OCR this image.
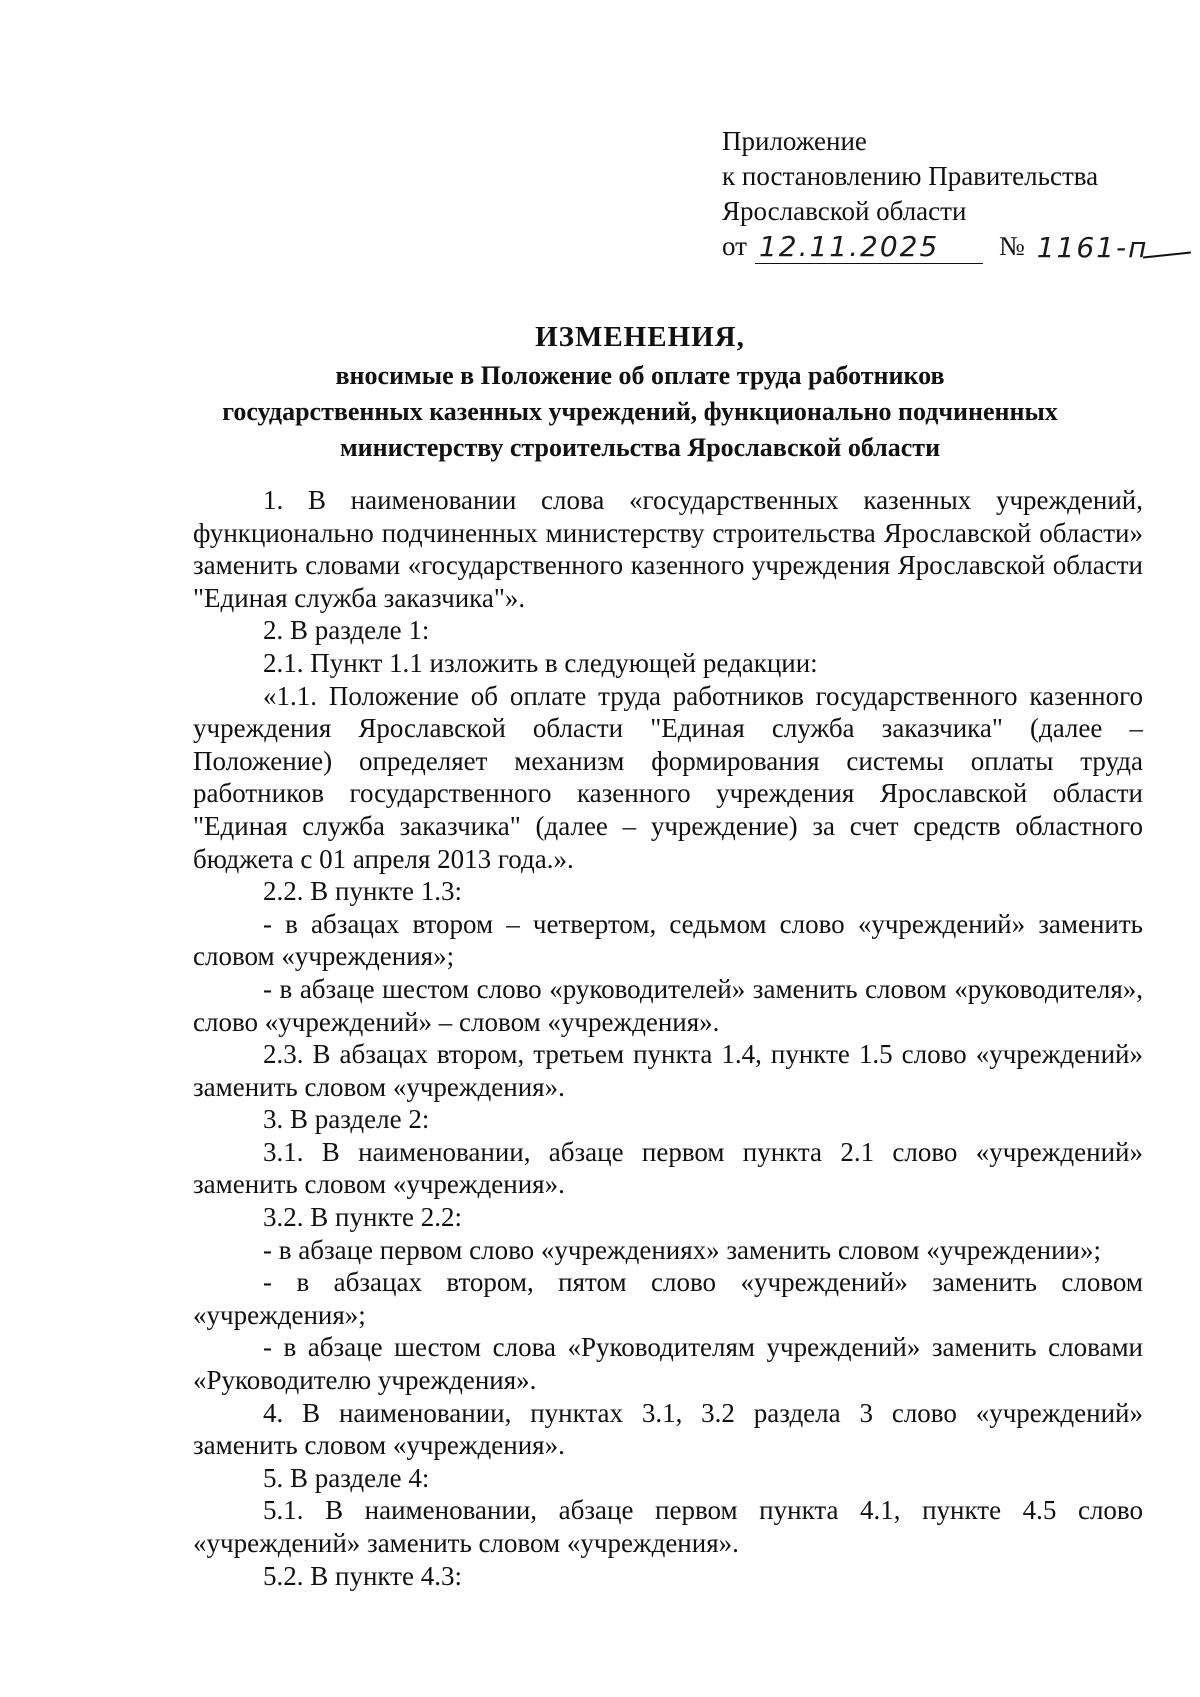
Приложение
к постановлению Правительства
Ярославской области
от 12.11.2025	№ 1161-п
ИЗМЕНЕНИЯ,
вносимые в Положение об оплате труда работников
государственных казенных учреждений, функционально подчиненных
министерству строительства Ярославской области

1. В наименовании слова «государственных казенных учреждений, функционально подчиненных министерству строительства Ярославской области» заменить словами «государственного казенного учреждения Ярославской области "Единая служба заказчика"».

2. В разделе 1:

2.1. Пункт 1.1 изложить в следующей редакции:

«1.1. Положение об оплате труда работников государственного казенного учреждения Ярославской области "Единая служба заказчика" (далее – Положение) определяет механизм формирования системы оплаты труда работников государственного казенного учреждения Ярославской области "Единая служба заказчика" (далее – учреждение) за счет средств областного бюджета с 01 апреля 2013 года.».

2.2. В пункте 1.3:

- в абзацах втором – четвертом, седьмом слово «учреждений» заменить словом «учреждения»;

- в абзаце шестом слово «руководителей» заменить словом «руководителя», слово «учреждений» – словом «учреждения».

2.3. В абзацах втором, третьем пункта 1.4, пункте 1.5 слово «учреждений» заменить словом «учреждения».

3. В разделе 2:

3.1. В наименовании, абзаце первом пункта 2.1 слово «учреждений» заменить словом «учреждения».

3.2. В пункте 2.2:

- в абзаце первом слово «учреждениях» заменить словом «учреждении»;

- в абзацах втором, пятом слово «учреждений» заменить словом «учреждения»;

- в абзаце шестом слова «Руководителям учреждений» заменить словами «Руководителю учреждения».

4. В наименовании, пунктах 3.1, 3.2 раздела 3 слово «учреждений» заменить словом «учреждения».

5. В разделе 4:

5.1. В наименовании, абзаце первом пункта 4.1, пункте 4.5 слово «учреждений» заменить словом «учреждения».

5.2. В пункте 4.3:
